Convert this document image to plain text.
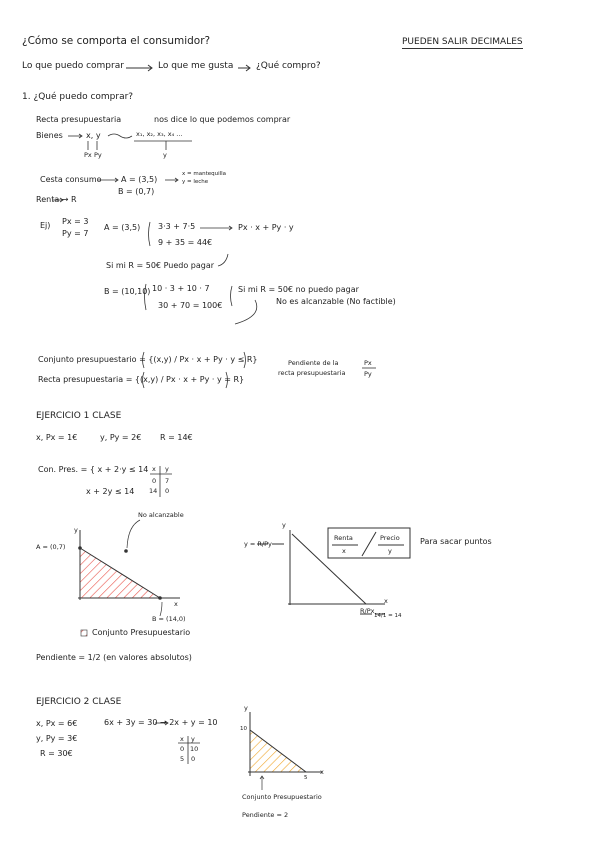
¿Cómo se comporta el consumidor?	PUEDEN SALIR DECIMALES
Lo que puedo comprar	Lo que me gusta	¿Qué compro?
1. ¿Qué puedo comprar?
Recta presupuestaria	nos dice lo que podemos comprar
Bienes	x, y	x₁, x₂, x₃, x₄ ...
y
Px Py
Cesta consumo A = (3,5)
B = (0,7)
x = mantequilla
y = leche
Renta → R
Ej) Px = 3
Py = 7
A = (3,5) 3·3 + 7·5
9 + 35 = 44€
Px · x + Py · y
Si mi R = 50€ Puedo pagar
B = (10,10) 10 · 3 + 10 · 7
30 + 70 = 100€
Si mi R = 50€ no puedo pagar
No es alcanzable (No factible)
Conjunto presupuestario = {(x,y) / Px · x + Py · y ≤ R}
Recta presupuestaria = {(x,y) / Px · x + Py · y = R}
Pendiente de la
recta presupuestaria
Px
Py
EJERCICIO 1 CLASE
x, Px = 1€	y, Py = 2€ R = 14€
Con. Pres. = { x + 2·y ≤ 14
x + 2y ≤ 14
x y
0 7
14 0
No alcanzable
y
A = (0,7)
x
B = (14,0)
Conjunto Presupuestario
Pendiente = 1/2 (en valores absolutos)
y
y = R/Py
x
R/Px
14/1 = 14
Renta	Precio
x	y
Para sacar puntos
EJERCICIO 2 CLASE
x, Px = 6€
y, Py = 3€
R = 30€
6x + 3y = 30 → 2x + y = 10
x y
0 10
5 0
y
10
x
5
Conjunto Presupuestario
Pendiente = 2
